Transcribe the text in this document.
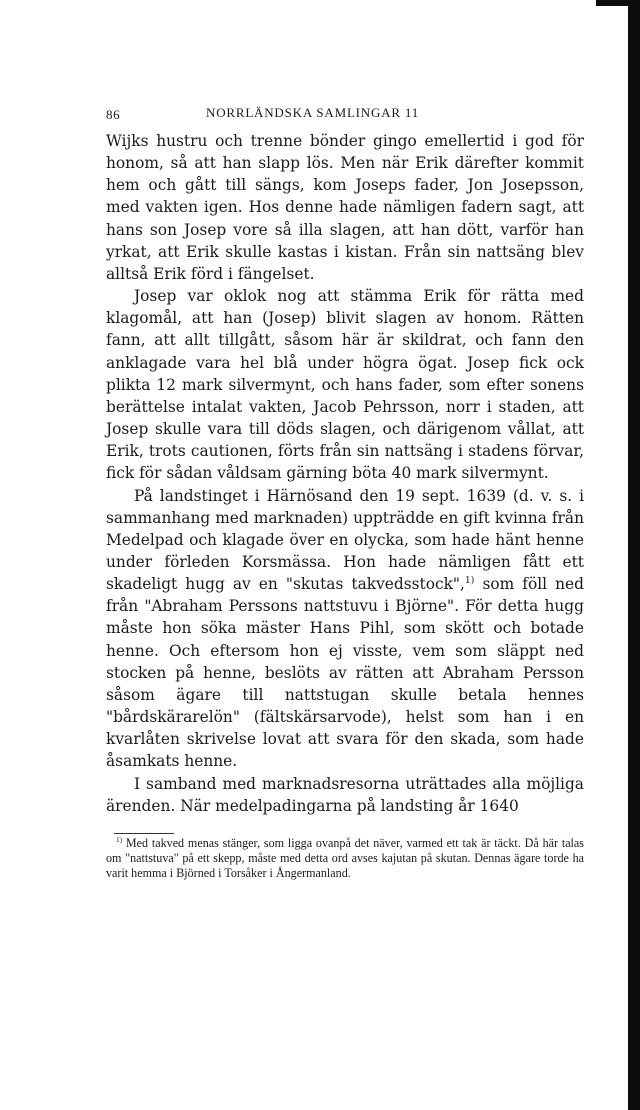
86	NORRLÄNDSKA SAMLINGAR 11

Wijks hustru och trenne bönder gingo emellertid i god för honom, så att han slapp lös. Men när Erik därefter kommit hem och gått till sängs, kom Joseps fader, Jon Josepsson, med vakten igen. Hos denne hade nämligen fadern sagt, att hans son Josep vore så illa slagen, att han dött, varför han yrkat, att Erik skulle kastas i kistan. Från sin nattsäng blev alltså Erik förd i fängelset.

Josep var oklok nog att stämma Erik för rätta med klagomål, att han (Josep) blivit slagen av honom. Rätten fann, att allt tillgått, såsom här är skildrat, och fann den anklagade vara hel blå under högra ögat. Josep fick ock plikta 12 mark silvermynt, och hans fader, som efter sonens berättelse intalat vakten, Jacob Pehrsson, norr i staden, att Josep skulle vara till döds slagen, och därigenom vållat, att Erik, trots cautionen, förts från sin nattsäng i stadens förvar, fick för sådan våldsam gärning böta 40 mark silvermynt.

På landstinget i Härnösand den 19 sept. 1639 (d. v. s. i sammanhang med marknaden) uppträdde en gift kvinna från Medelpad och klagade över en olycka, som hade hänt henne under förleden Korsmässa. Hon hade nämligen fått ett skadeligt hugg av en "skutas takvedsstock",$^{1)}$ som föll ned från "Abraham Perssons nattstuvu i Björne". För detta hugg måste hon söka mäster Hans Pihl, som skött och botade henne. Och eftersom hon ej visste, vem som släppt ned stocken på henne, beslöts av rätten att Abraham Persson såsom ägare till nattstugan skulle betala hennes "bårdskärarelön" (fältskärsarvode), helst som han i en kvarlåten skrivelse lovat att svara för den skada, som hade åsamkats henne.

I samband med marknadsresorna uträttades alla möjliga ärenden. När medelpadingarna på landsting år 1640

$^{1)}$ Med takved menas stänger, som ligga ovanpå det näver, varmed ett tak är täckt. Då här talas om "nattstuva" på ett skepp, måste med detta ord avses kajutan på skutan. Dennas ägare torde ha varit hemma i Björned i Torsåker i Ångermanland.
